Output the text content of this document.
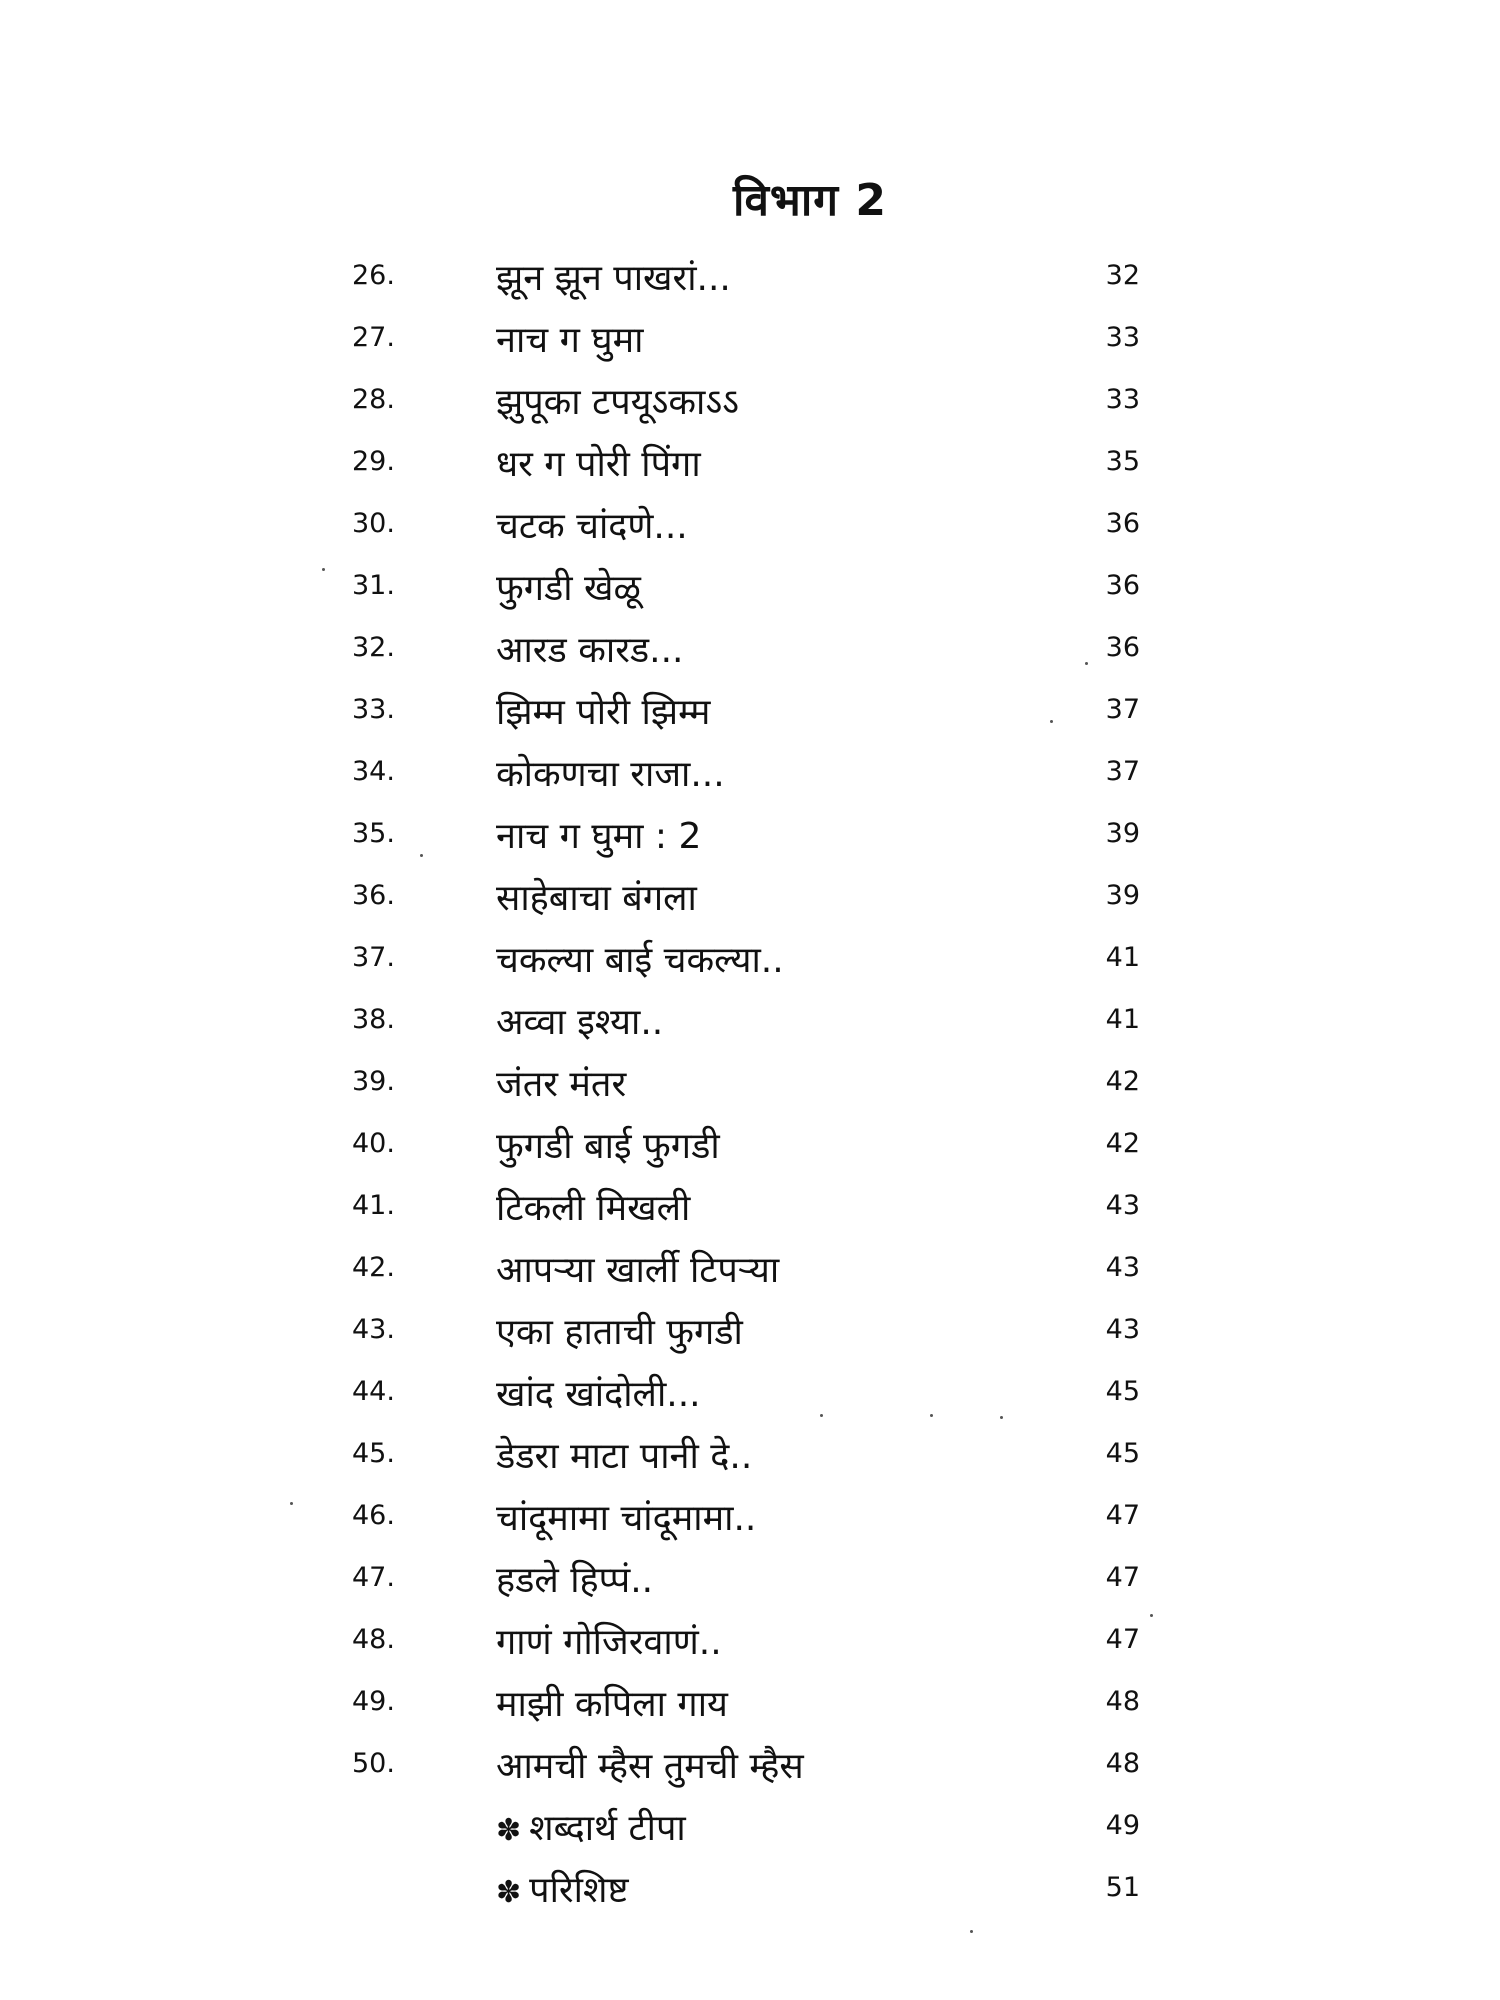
विभाग 2
26.	झून झून पाखरां...	32
27.	नाच ग घुमा	33
28.	झुपूका टपयूऽकाऽऽ	33
29.	धर ग पोरी पिंगा	35
30.	चटक चांदणे...	36
31.	फुगडी खेळू	36
32.	आरड कारड...	36
33.	झिम्म पोरी झिम्म	37
34.	कोकणचा राजा...	37
35.	नाच ग घुमा : 2	39
36.	साहेबाचा बंगला	39
37.	चकल्या बाई चकल्या..	41
38.	अव्वा इश्या..	41
39.	जंतर मंतर	42
40.	फुगडी बाई फुगडी	42
41.	टिकली मिखली	43
42.	आपऱ्या खार्ली टिपऱ्या	43
43.	एका हाताची फुगडी	43
44.	खांद खांदोली...	45
45.	डेडरा माटा पानी दे..	45
46.	चांदूमामा चांदूमामा..	47
47.	हडले हिप्पं..	47
48.	गाणं गोजिरवाणं..	47
49.	माझी कपिला गाय	48
50.	आमची म्हैस तुमची म्हैस	48
✽ शब्दार्थ टीपा	49
✽ परिशिष्ट	51
